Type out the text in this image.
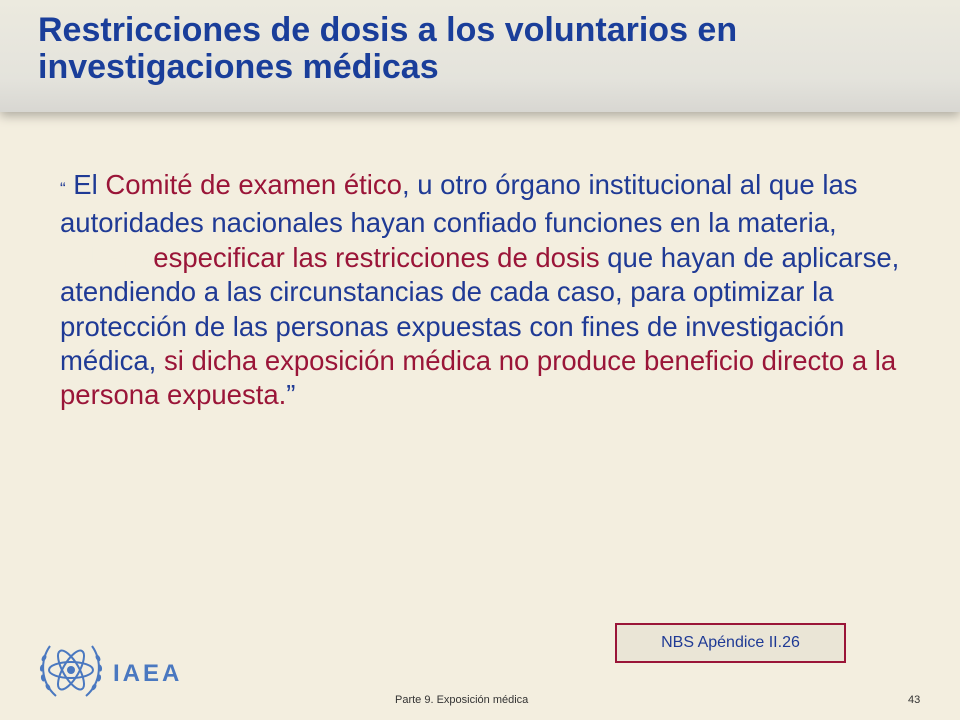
Restricciones de dosis a los voluntarios en investigaciones médicas

“ El Comité de examen ético, u otro órgano institucional al que las autoridades nacionales hayan confiado funciones en la materia, deberá especificar las restricciones de dosis que hayan de aplicarse, atendiendo a las circunstancias de cada caso, para optimizar la protección de las personas expuestas con fines de investigación médica, si dicha exposición médica no produce beneficio directo a la persona expuesta.”

NBS Apéndice II.26
IAEA
Parte 9. Exposición médica	43
